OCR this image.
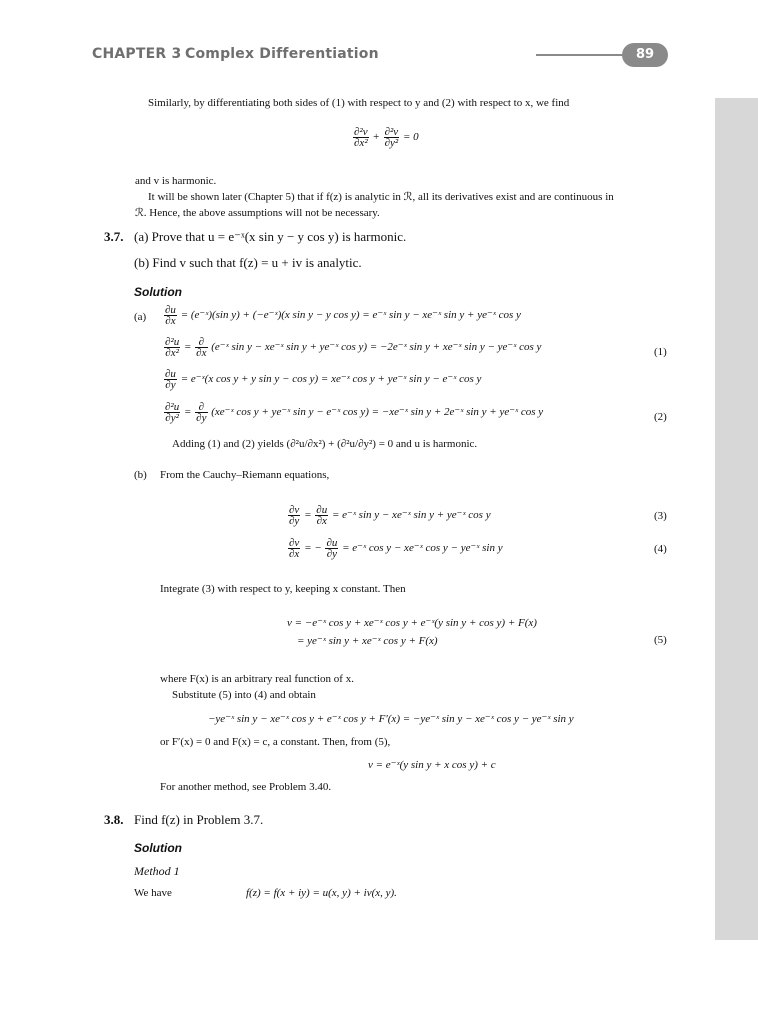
CHAPTER 3 Complex Differentiation	89
Similarly, by differentiating both sides of (1) with respect to y and (2) with respect to x, we find
$\frac{\text{∂²v}}{\text{∂x²}} + \frac{\text{∂²v}}{\text{∂y²}} = 0$
and v is harmonic.
It will be shown later (Chapter 5) that if f(z) is analytic in ℛ, all its derivatives exist and are continuous in
ℛ. Hence, the above assumptions will not be necessary.
3.7. (a) Prove that u = e⁻ˣ(x sin y − y cos y) is harmonic.
(b) Find v such that f(z) = u + iv is analytic.
Solution
$(a) \frac{\partial u}{\partial x}$ = (e⁻ˣ)(sin y) + (−e⁻ˣ)(x sin y − y cos y) = e⁻ˣ sin y − xe⁻ˣ sin y + ye⁻ˣ cos y
$\frac{\text{∂²u}}{\text{∂x²}}$ = ∂
∂x (e⁻ˣ sin y − xe⁻ˣ sin y + ye⁻ˣ cos y) = −2e⁻ˣ sin y + xe⁻ˣ sin y − ye⁻ˣ cos y	(1)
$\frac{\partial u}{\partial y}$ = e⁻ˣ(x cos y + y sin y − cos y) = xe⁻ˣ cos y + ye⁻ˣ sin y − e⁻ˣ cos y
$\frac{\text{∂²u}}{\text{∂y²}}$ = ∂
∂y (xe⁻ˣ cos y + ye⁻ˣ sin y − e⁻ˣ cos y) = −xe⁻ˣ sin y + 2e⁻ˣ sin y + ye⁻ˣ cos y	(2)
Adding (1) and (2) yields (∂²u/∂x²) + (∂²u/∂y²) = 0 and u is harmonic.
(b) From the Cauchy–Riemann equations,
$\frac{\partial v}{\partial y} = \frac{\partial u}{\partial x}$ = e⁻ˣ sin y − xe⁻ˣ sin y + ye⁻ˣ cos y	(3)
$\frac{\partial v}{\partial x}$ = − $\frac{\partial u}{\partial y}$ = e⁻ˣ cos y − xe⁻ˣ cos y − ye⁻ˣ sin y	(4)
Integrate (3) with respect to y, keeping x constant. Then
v = −e⁻ˣ cos y + xe⁻ˣ cos y + e⁻ˣ(y sin y + cos y) + F(x)
= ye⁻ˣ sin y + xe⁻ˣ cos y + F(x)	(5)
where F(x) is an arbitrary real function of x.
Substitute (5) into (4) and obtain
−ye⁻ˣ sin y − xe⁻ˣ cos y + e⁻ˣ cos y + F′(x) = −ye⁻ˣ sin y − xe⁻ˣ cos y − ye⁻ˣ sin y
or F′(x) = 0 and F(x) = c, a constant. Then, from (5),
v = e⁻ˣ(y sin y + x cos y) + c
For another method, see Problem 3.40.
3.8. Find f(z) in Problem 3.7.
Solution
Method 1
We have	f(z) = f(x + iy) = u(x, y) + iv(x, y).
